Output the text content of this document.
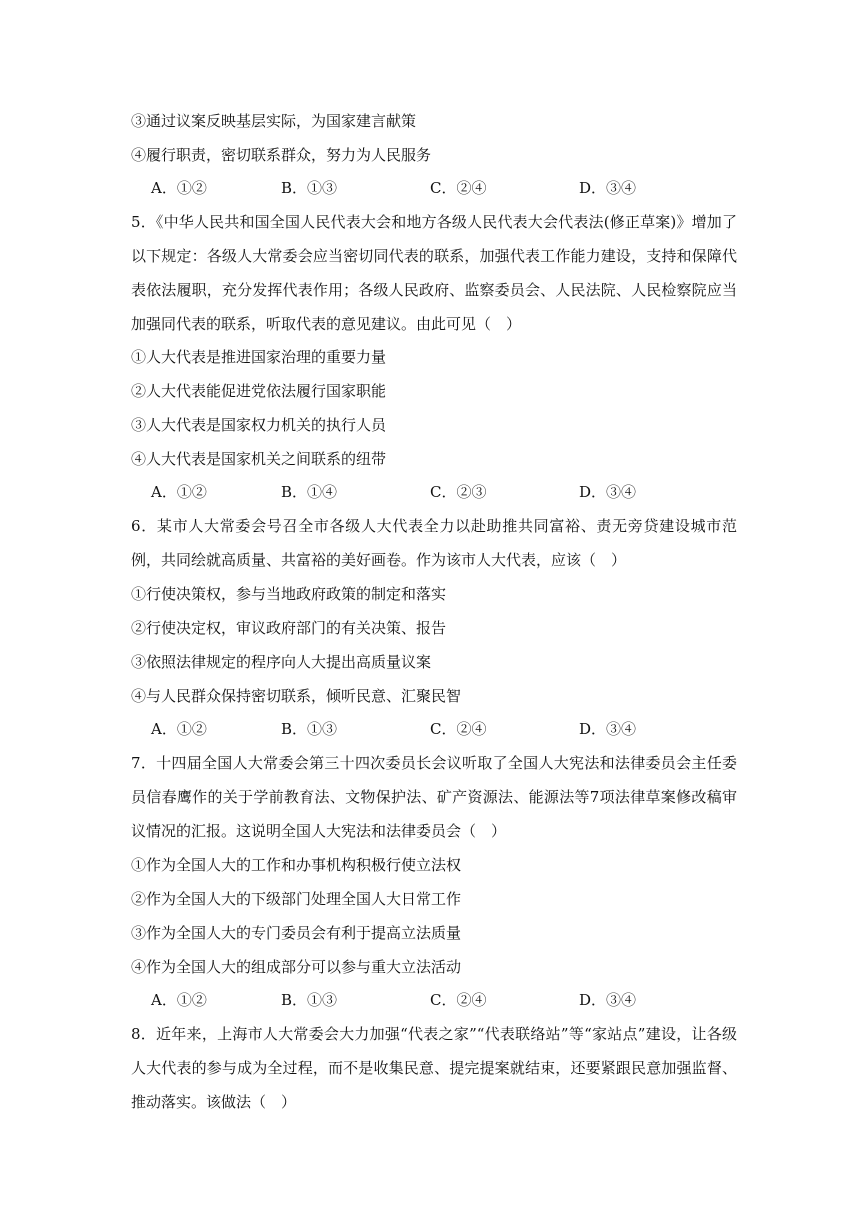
③通过议案反映基层实际，为国家建言献策
④履行职责，密切联系群众，努力为人民服务
A．①②	B．①③	C．②④	D．③④
5．《中华人民共和国全国人民代表大会和地方各级人民代表大会代表法(修正草案)》增加了以下规定：各级人大常委会应当密切同代表的联系，加强代表工作能力建设，支持和保障代表依法履职，充分发挥代表作用；各级人民政府、监察委员会、人民法院、人民检察院应当加强同代表的联系，听取代表的意见建议。由此可见（　）
①人大代表是推进国家治理的重要力量
②人大代表能促进党依法履行国家职能
③人大代表是国家权力机关的执行人员
④人大代表是国家机关之间联系的纽带
A．①②	B．①④	C．②③	D．③④
6．某市人大常委会号召全市各级人大代表全力以赴助推共同富裕、责无旁贷建设城市范例，共同绘就高质量、共富裕的美好画卷。作为该市人大代表，应该（　）
①行使决策权，参与当地政府政策的制定和落实
②行使决定权，审议政府部门的有关决策、报告
③依照法律规定的程序向人大提出高质量议案
④与人民群众保持密切联系，倾听民意、汇聚民智
A．①②	B．①③	C．②④	D．③④
7．十四届全国人大常委会第三十四次委员长会议听取了全国人大宪法和法律委员会主任委员信春鹰作的关于学前教育法、文物保护法、矿产资源法、能源法等7项法律草案修改稿审议情况的汇报。这说明全国人大宪法和法律委员会（　）
①作为全国人大的工作和办事机构积极行使立法权
②作为全国人大的下级部门处理全国人大日常工作
③作为全国人大的专门委员会有利于提高立法质量
④作为全国人大的组成部分可以参与重大立法活动
A．①②	B．①③	C．②④	D．③④
8．近年来，上海市人大常委会大力加强“代表之家”“代表联络站”等“家站点”建设，让各级人大代表的参与成为全过程，而不是收集民意、提完提案就结束，还要紧跟民意加强监督、推动落实。该做法（　）
